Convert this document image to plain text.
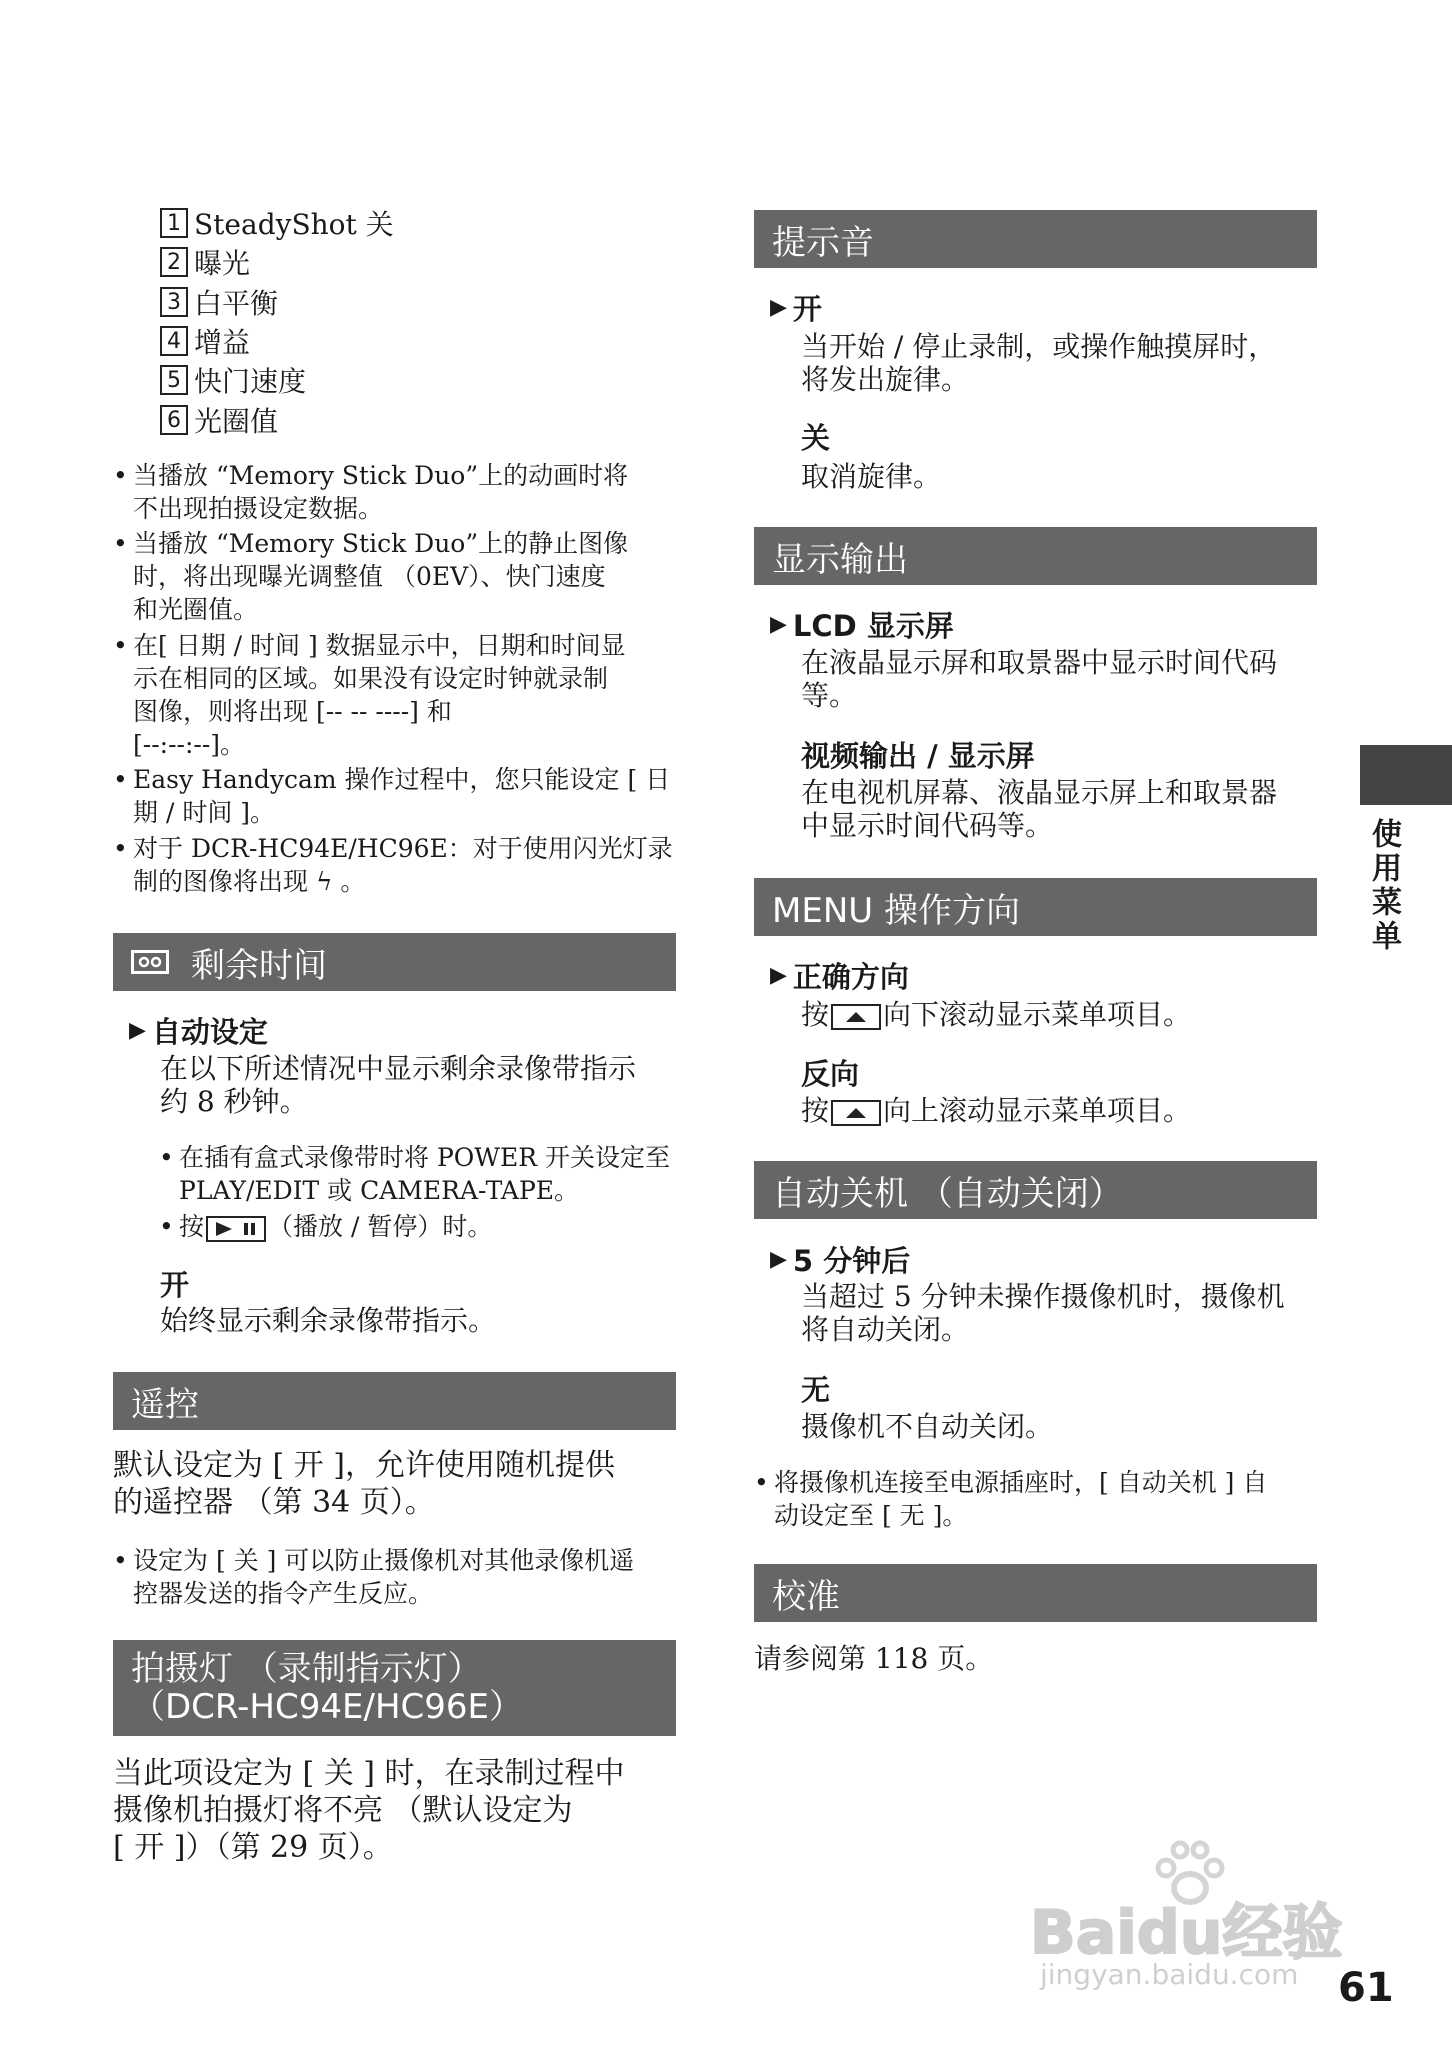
1 SteadyShot 关
2 曝光
3 白平衡
4 增益
5 快门速度
6 光圈值
• 当播放 “Memory Stick Duo”上的动画时将
不出现拍摄设定数据。
• 当播放 “Memory Stick Duo”上的静止图像
时，将出现曝光调整值 （0EV）、快门速度
和光圈值。
• 在[ 日期 / 时间 ] 数据显示中，日期和时间显
示在相同的区域。如果没有设定时钟就录制
图像，则将出现 [-- -- ----] 和
[--:--:--]。
• Easy Handycam 操作过程中，您只能设定 [ 日
期 / 时间 ]。
• 对于 DCR-HC94E/HC96E：对于使用闪光灯录
制的图像将出现 ϟ 。
剩余时间
▶ 自动设定
在以下所述情况中显示剩余录像带指示
约 8 秒钟。
• 在插有盒式录像带时将 POWER 开关设定至
PLAY/EDIT 或 CAMERA-TAPE。
• 按	（播放 / 暂停）时。
开
始终显示剩余录像带指示。
遥控
默认设定为 [ 开 ]，允许使用随机提供
的遥控器 （第 34 页）。
• 设定为 [ 关 ] 可以防止摄像机对其他录像机遥
控器发送的指令产生反应。
拍摄灯 （录制指示灯）
（DCR-HC94E/HC96E）
当此项设定为 [ 关 ] 时，在录制过程中
摄像机拍摄灯将不亮 （默认设定为
[ 开 ]）（第 29 页）。
提示音
▶ 开
当开始 / 停止录制，或操作触摸屏时，
将发出旋律。
关
取消旋律。
显示输出
▶ LCD 显示屏
在液晶显示屏和取景器中显示时间代码
等。
视频输出 / 显示屏
在电视机屏幕、液晶显示屏上和取景器
中显示时间代码等。
MENU 操作方向
▶ 正确方向
按 向下滚动显示菜单项目。
反向
按 向上滚动显示菜单项目。
自动关机 （自动关闭）
▶ 5 分钟后
当超过 5 分钟未操作摄像机时，摄像机
将自动关闭。
无
摄像机不自动关闭。
• 将摄像机连接至电源插座时，[ 自动关机 ] 自
动设定至 [ 无 ]。
校准
请参阅第 118 页。
使用菜单
Baidu经验
jingyan.baidu.com 61
